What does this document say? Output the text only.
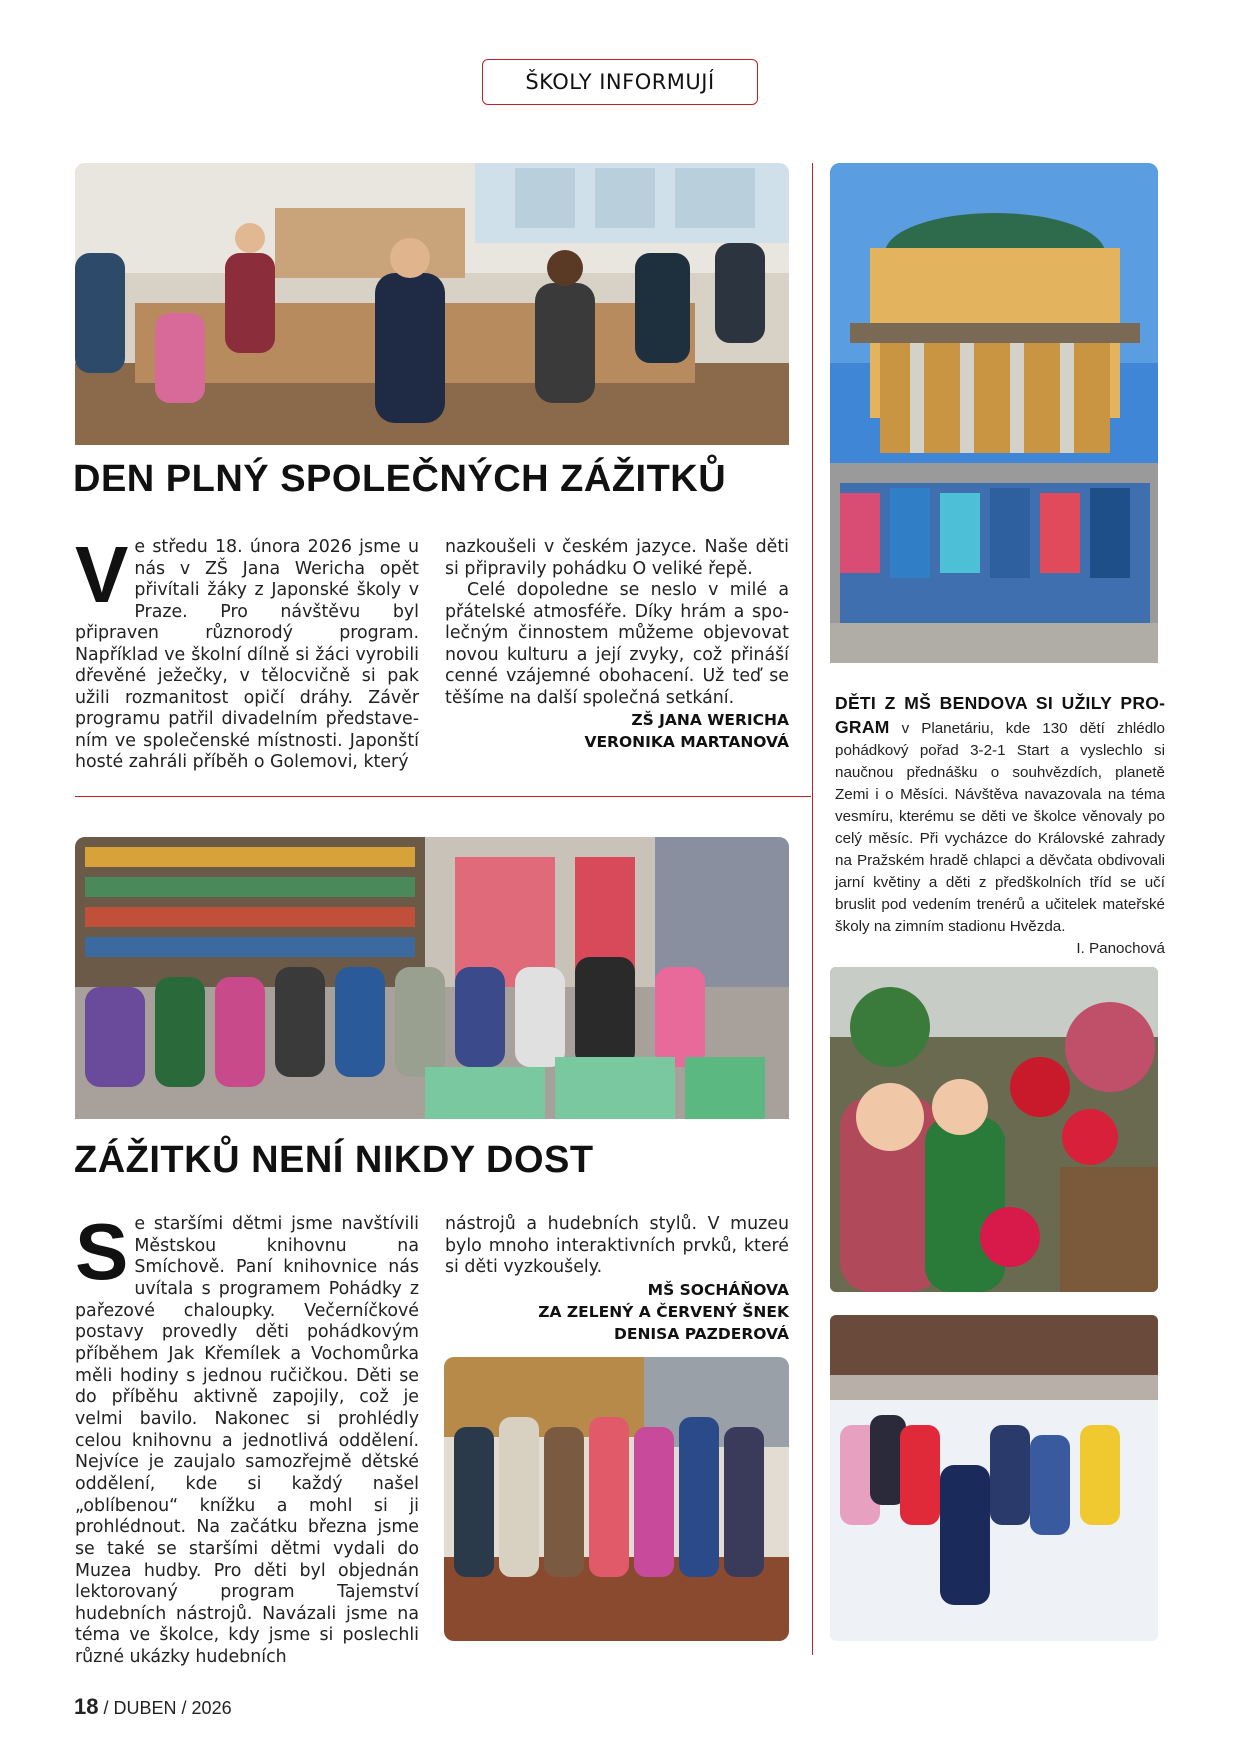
ŠKOLY INFORMUJÍ
DEN PLNÝ SPOLEČNÝCH ZÁŽITKŮ

Ve středu 18. února 2026 jsme u nás v ZŠ Jana Wericha opět přivítali žáky z Japonské školy v Praze. Pro návštěvu byl připraven různorodý program. Například ve školní dílně si žáci vyrobili dřevěné ježečky, v tělocvičně si pak užili rozmanitost opičí dráhy. Závěr programu patřil divadelním představením ve společenské místnosti. Japonští hosté zahráli příběh o Golemovi, který

nazkoušeli v českém jazyce. Naše děti si připravily pohádku O veliké řepě.

Celé dopoledne se neslo v milé a přátelské atmosféře. Díky hrám a společným činnostem můžeme objevovat novou kulturu a její zvyky, což přináší cenné vzájemné obohacení. Už teď se těšíme na další společná setkání.

ZŠ JANA WERICHA
VERONIKA MARTANOVÁ
DĚTI Z MŠ BENDOVA SI UŽILY PROGRAM v Planetáriu, kde 130 dětí zhlédlo pohádkový pořad 3-2-1 Start a vyslechlo si naučnou přednášku o souhvězdích, planetě Zemi i o Měsíci. Návštěva navazovala na téma vesmíru, kterému se děti ve školce věnovaly po celý měsíc. Při vycházce do Královské zahrady na Pražském hradě chlapci a děvčata obdivovali jarní květiny a děti z předškolních tříd se učí bruslit pod vedením trenérů a učitelek mateřské školy na zimním stadionu Hvězda.
I. Panochová
ZÁŽITKŮ NENÍ NIKDY DOST

Se staršími dětmi jsme navštívili Městskou knihovnu na Smíchově. Paní knihovnice nás uvítala s programem Pohádky z pařezové chaloupky. Večerníčkové postavy provedly děti pohádkovým příběhem Jak Křemílek a Vochomůrka měli hodiny s jednou ručičkou. Děti se do příběhu aktivně zapojily, což je velmi bavilo. Nakonec si prohlédly celou knihovnu a jednotlivá oddělení. Nejvíce je zaujalo samozřejmě dětské oddělení, kde si každý našel „oblíbenou“ knížku a mohl si ji prohlédnout. Na začátku března jsme se také se staršími dětmi vydali do Muzea hudby. Pro děti byl objednán lektorovaný program Tajemství hudebních nástrojů. Navázali jsme na téma ve školce, kdy jsme si poslechli různé ukázky hudebních

nástrojů a hudebních stylů. V muzeu bylo mnoho interaktivních prvků, které si děti vyzkoušely.

MŠ SOCHÁŇOVA
ZA ZELENÝ A ČERVENÝ ŠNEK
DENISA PAZDEROVÁ
18 / DUBEN / 2026
